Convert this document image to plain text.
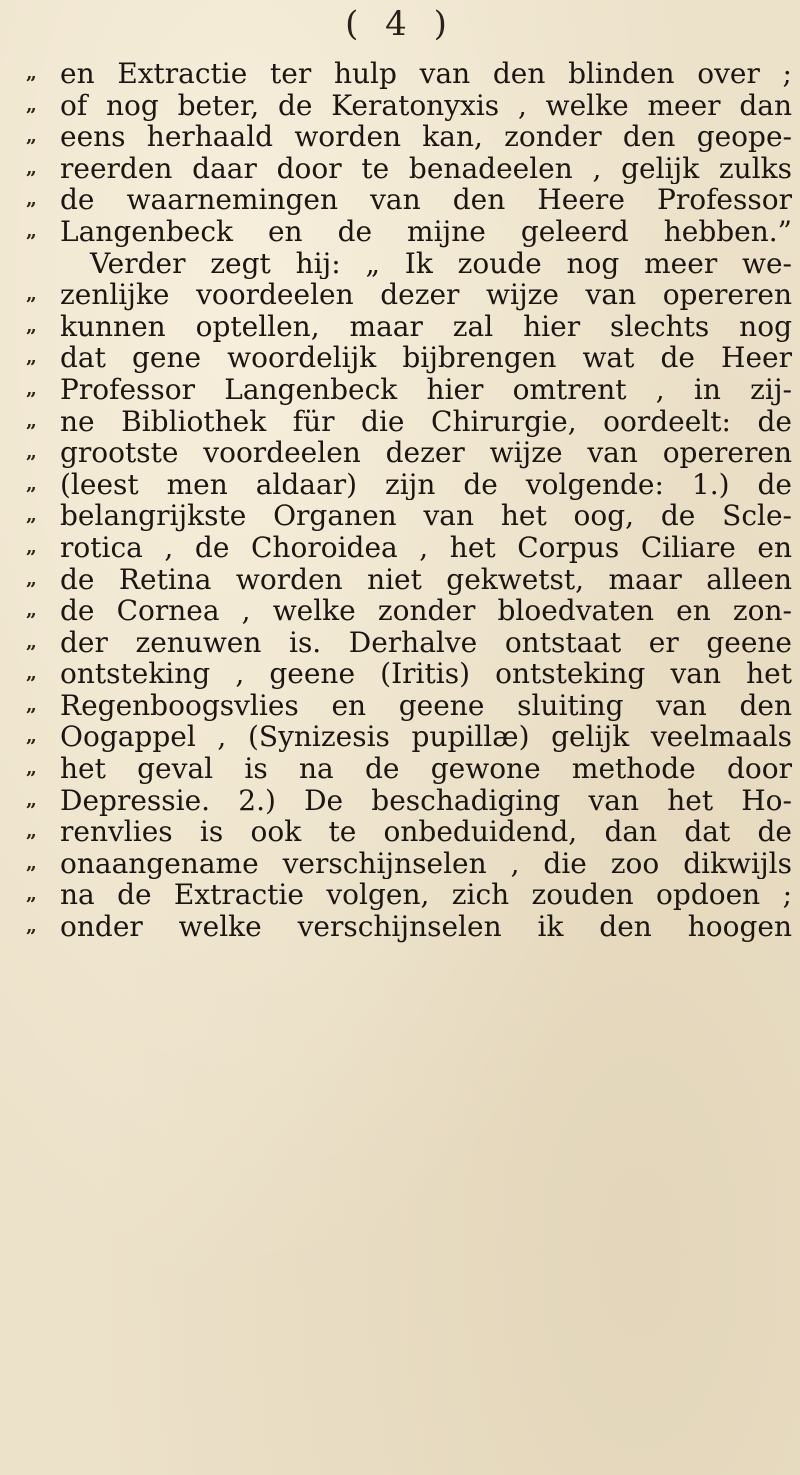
( 4 )
„ en Extractie ter hulp van den blinden over ;
„ of nog beter, de Keratonyxis , welke meer dan
„ eens herhaald worden kan, zonder den geope-
„ reerden daar door te benadeelen , gelijk zulks
„ de waarnemingen van den Heere Professor
„ Langenbeck en de mijne geleerd hebben.”
Verder zegt hij: „ Ik zoude nog meer we-
„ zenlijke voordeelen dezer wijze van opereren
„ kunnen optellen, maar zal hier slechts nog
„ dat gene woordelijk bijbrengen wat de Heer
„ Professor Langenbeck hier omtrent , in zij-
„ ne Bibliothek für die Chirurgie, oordeelt: de
„ grootste voordeelen dezer wijze van opereren
„ (leest men aldaar) zijn de volgende: 1.) de
„ belangrijkste Organen van het oog, de Scle-
„ rotica , de Choroidea , het Corpus Ciliare en
„ de Retina worden niet gekwetst, maar alleen
„ de Cornea , welke zonder bloedvaten en zon-
„ der zenuwen is. Derhalve ontstaat er geene
„ ontsteking , geene (Iritis) ontsteking van het
„ Regenboogsvlies en geene sluiting van den
„ Oogappel , (Synizesis pupillæ) gelijk veelmaals
„ het geval is na de gewone methode door
„ Depressie. 2.) De beschadiging van het Ho-
„ renvlies is ook te onbeduidend, dan dat de
„ onaangename verschijnselen , die zoo dikwijls
„ na de Extractie volgen, zich zouden opdoen ;
„ onder welke verschijnselen ik den hoogen
